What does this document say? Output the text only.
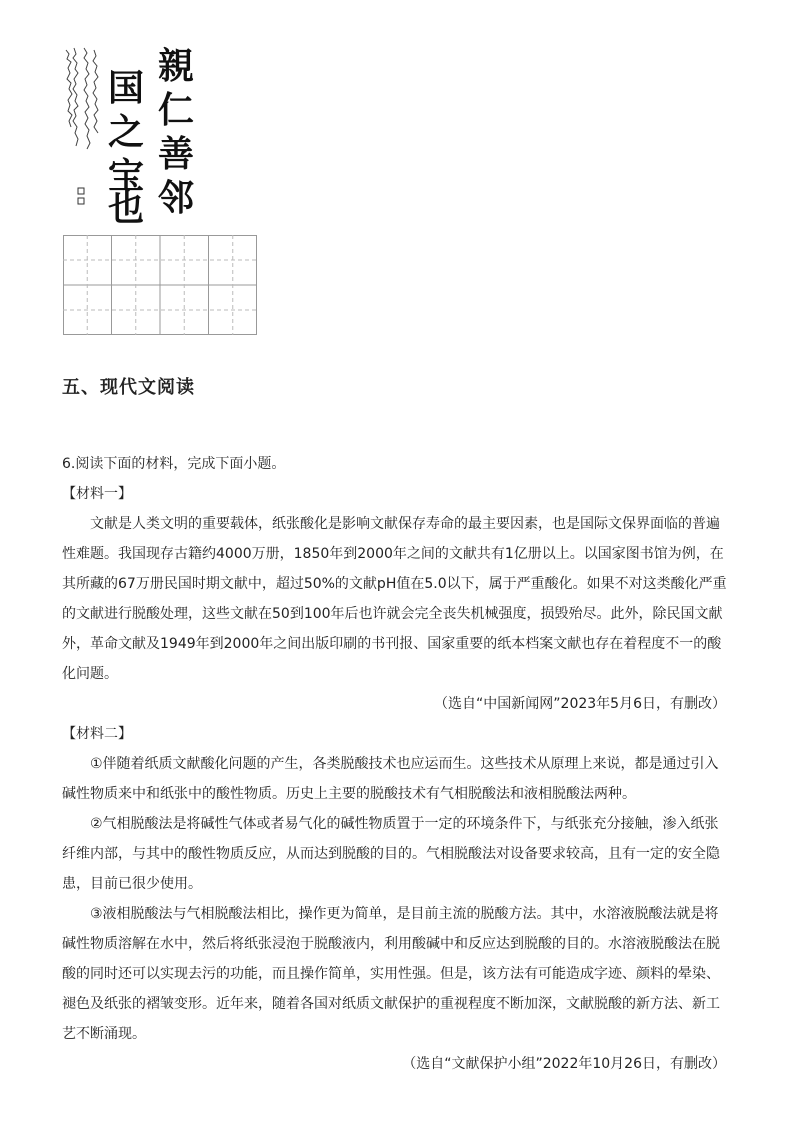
親
仁
善
邻
国
之
宝
也
五、现代文阅读

6.阅读下面的材料，完成下面小题。

【材料一】

文献是人类文明的重要载体，纸张酸化是影响文献保存寿命的最主要因素，也是国际文保界面临的普遍性难题。我国现存古籍约4000万册，1850年到2000年之间的文献共有1亿册以上。以国家图书馆为例，在其所藏的67万册民国时期文献中，超过50%的文献pH值在5.0以下，属于严重酸化。如果不对这类酸化严重的文献进行脱酸处理，这些文献在50到100年后也许就会完全丧失机械强度，损毁殆尽。此外，除民国文献外，革命文献及1949年到2000年之间出版印刷的书刊报、国家重要的纸本档案文献也存在着程度不一的酸化问题。

（选自“中国新闻网”2023年5月6日，有删改）

【材料二】

①伴随着纸质文献酸化问题的产生，各类脱酸技术也应运而生。这些技术从原理上来说，都是通过引入碱性物质来中和纸张中的酸性物质。历史上主要的脱酸技术有气相脱酸法和液相脱酸法两种。

②气相脱酸法是将碱性气体或者易气化的碱性物质置于一定的环境条件下，与纸张充分接触，渗入纸张纤维内部，与其中的酸性物质反应，从而达到脱酸的目的。气相脱酸法对设备要求较高，且有一定的安全隐患，目前已很少使用。

③液相脱酸法与气相脱酸法相比，操作更为简单，是目前主流的脱酸方法。其中，水溶液脱酸法就是将碱性物质溶解在水中，然后将纸张浸泡于脱酸液内，利用酸碱中和反应达到脱酸的目的。水溶液脱酸法在脱酸的同时还可以实现去污的功能，而且操作简单，实用性强。但是，该方法有可能造成字迹、颜料的晕染、褪色及纸张的褶皱变形。近年来，随着各国对纸质文献保护的重视程度不断加深，文献脱酸的新方法、新工艺不断涌现。

（选自“文献保护小组”2022年10月26日，有删改）
